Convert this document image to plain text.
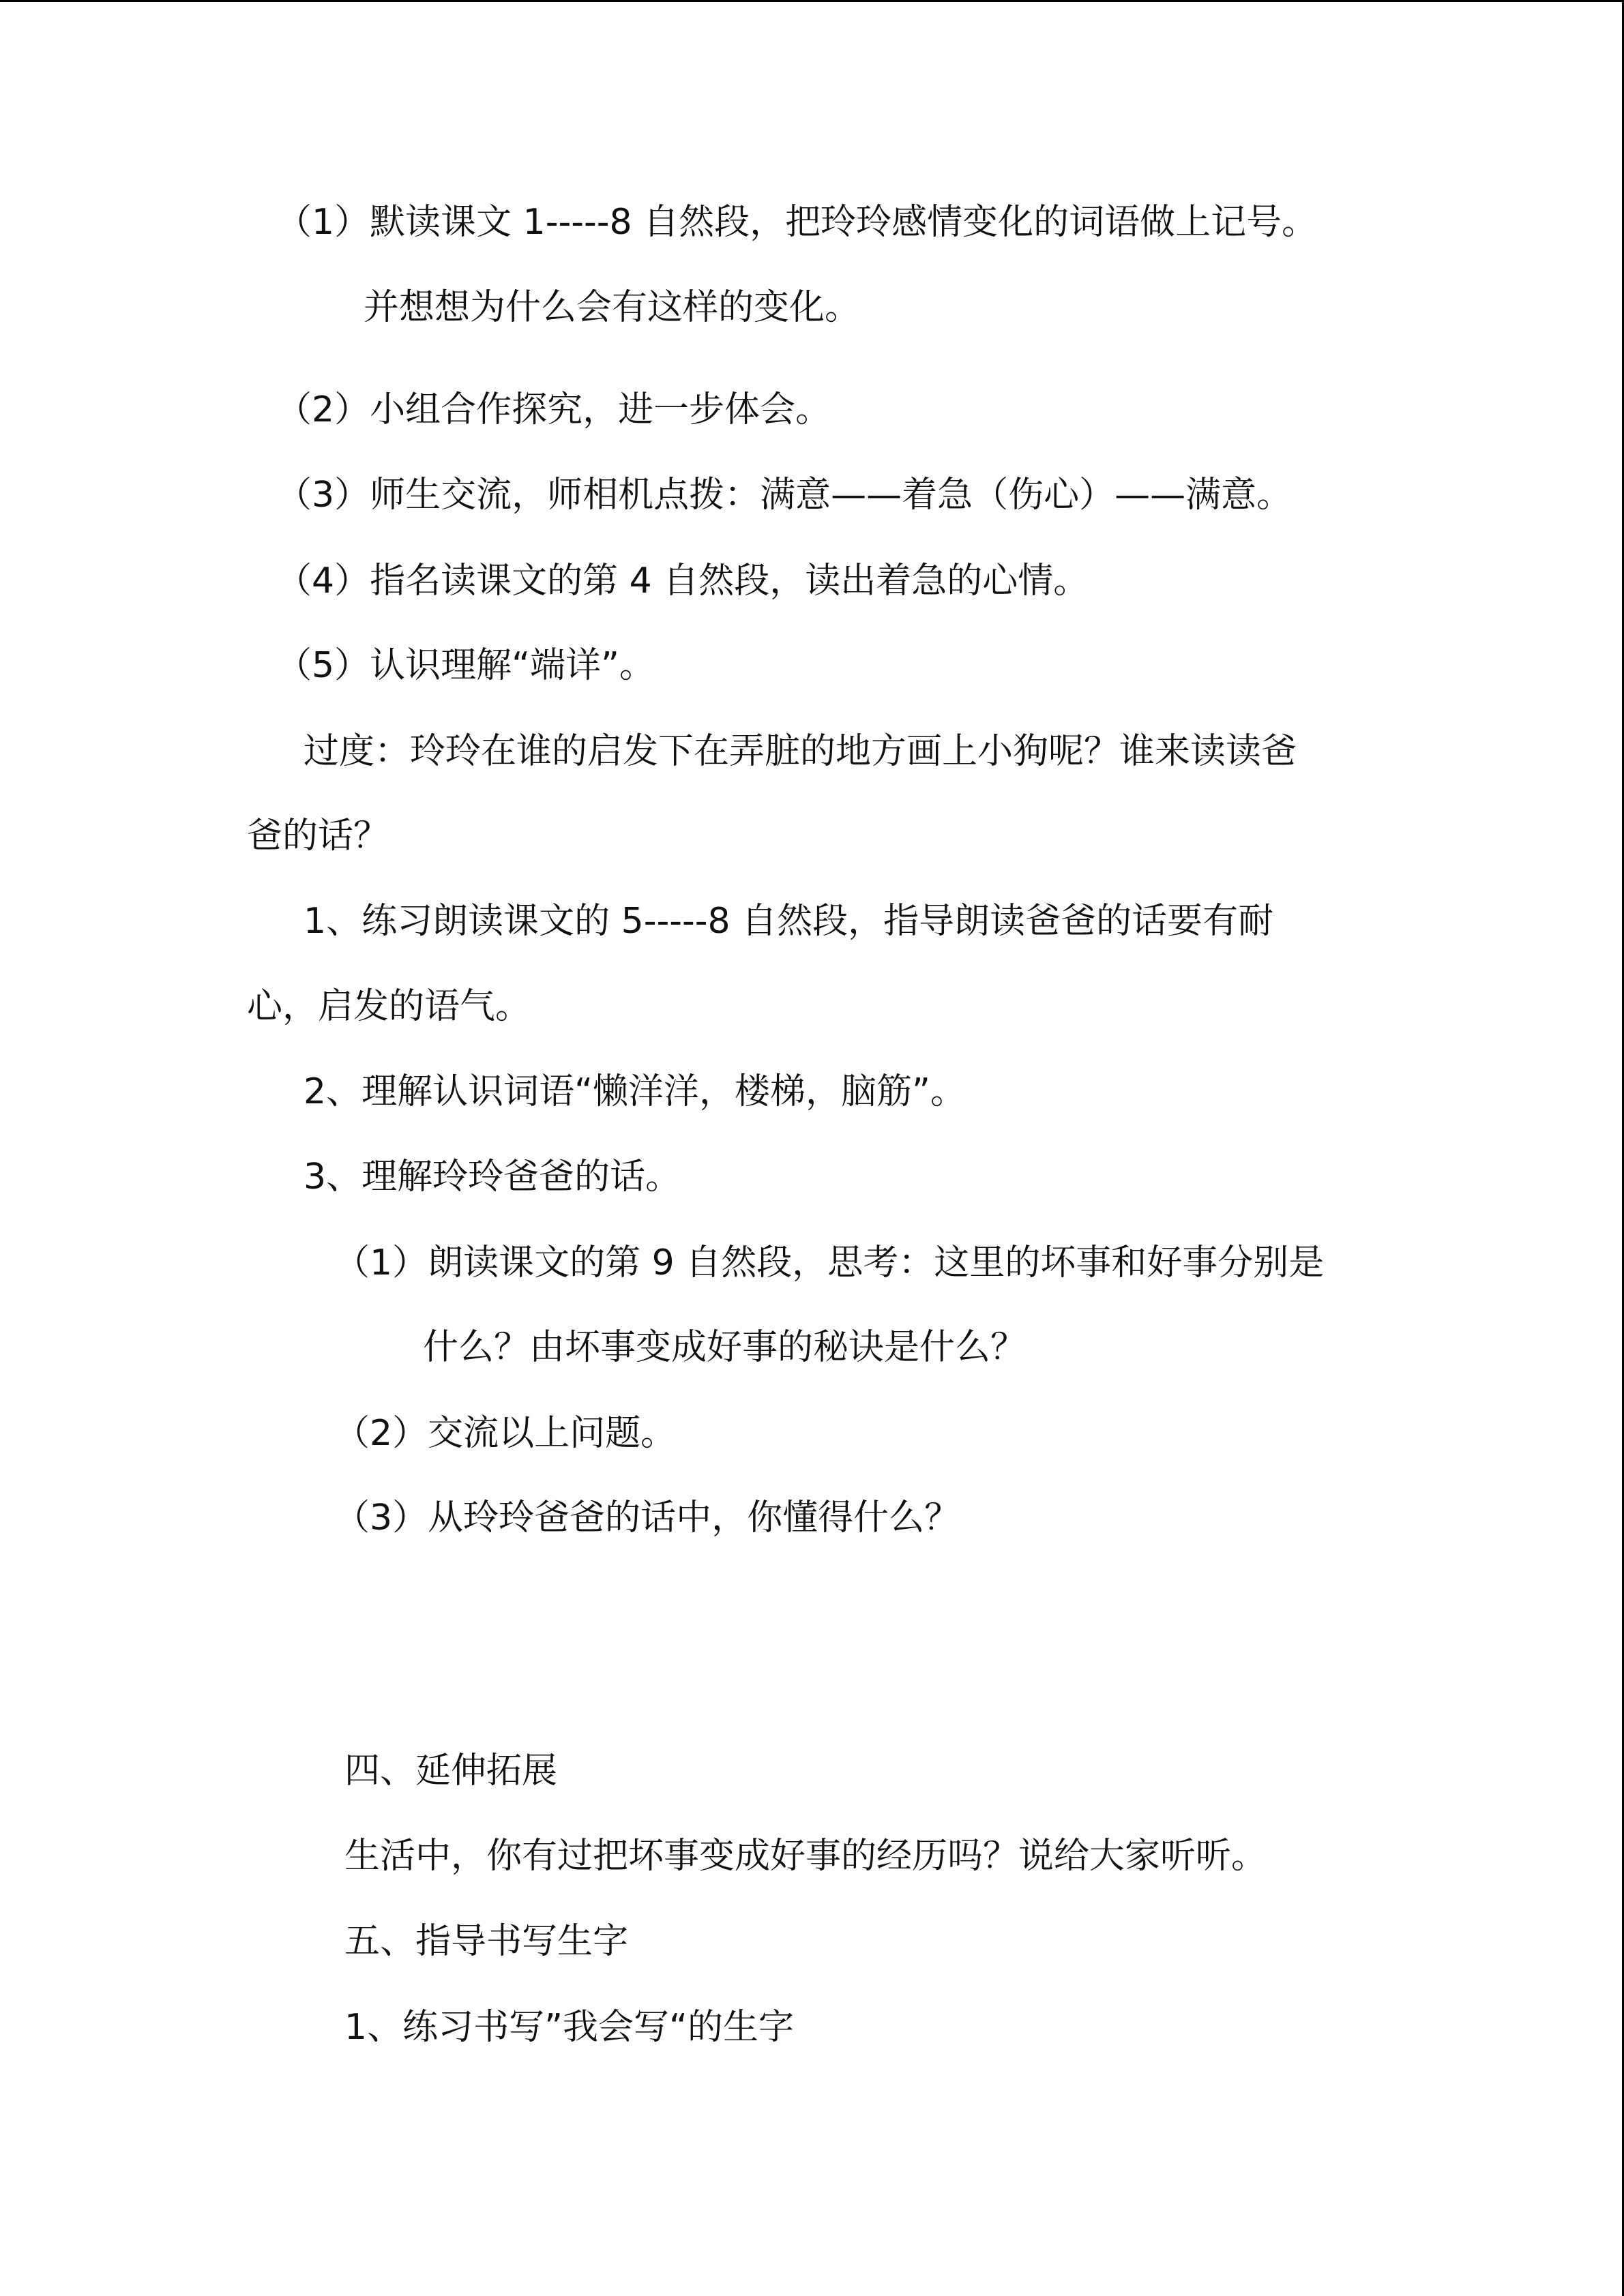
（1）默读课文 1-----8 自然段，把玲玲感情变化的词语做上记号。
并想想为什么会有这样的变化。
（2）小组合作探究，进一步体会。
（3）师生交流，师相机点拨：满意——着急（伤心）——满意。
（4）指名读课文的第 4 自然段，读出着急的心情。
（5）认识理解“端详”。
过度：玲玲在谁的启发下在弄脏的地方画上小狗呢？谁来读读爸
爸的话？
1、练习朗读课文的 5-----8 自然段，指导朗读爸爸的话要有耐
心，启发的语气。
2、理解认识词语“懒洋洋，楼梯，脑筋”。
3、理解玲玲爸爸的话。
（1）朗读课文的第 9 自然段，思考：这里的坏事和好事分别是
什么？由坏事变成好事的秘诀是什么？
（2）交流以上问题。
（3）从玲玲爸爸的话中，你懂得什么？
四、延伸拓展
生活中，你有过把坏事变成好事的经历吗？说给大家听听。
五、指导书写生字
1、练习书写”我会写“的生字
